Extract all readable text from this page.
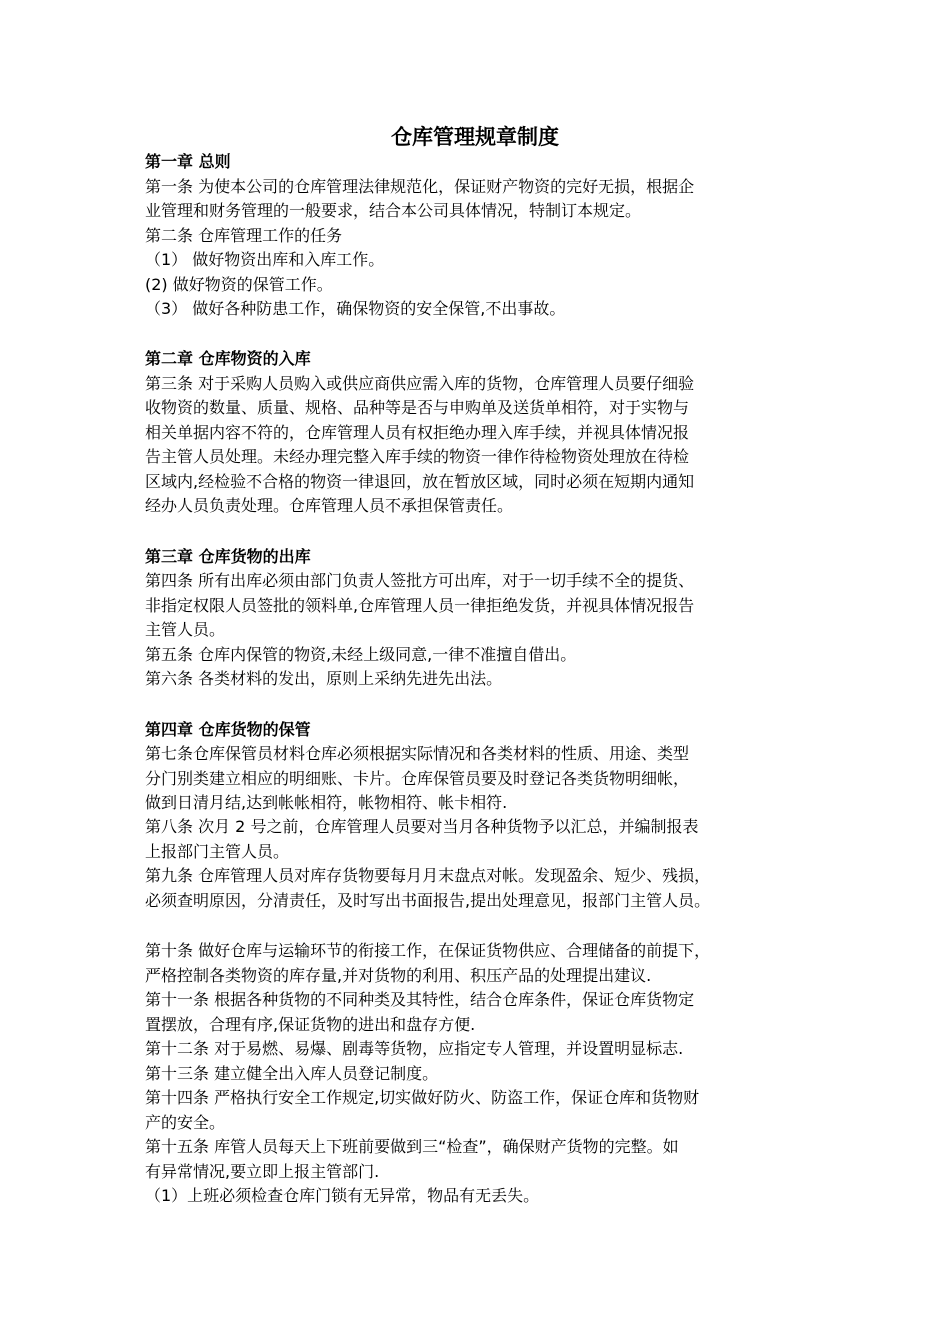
仓库管理规章制度
第一章 总则
第一条 为使本公司的仓库管理法律规范化，保证财产物资的完好无损，根据企
业管理和财务管理的一般要求，结合本公司具体情况，特制订本规定。
第二条 仓库管理工作的任务
（1） 做好物资出库和入库工作。
(2) 做好物资的保管工作。
（3） 做好各种防患工作，确保物资的安全保管,不出事故。
第二章 仓库物资的入库
第三条 对于采购人员购入或供应商供应需入库的货物，仓库管理人员要仔细验
收物资的数量、质量、规格、品种等是否与申购单及送货单相符，对于实物与
相关单据内容不符的，仓库管理人员有权拒绝办理入库手续，并视具体情况报
告主管人员处理。未经办理完整入库手续的物资一律作待检物资处理放在待检
区域内,经检验不合格的物资一律退回，放在暂放区域，同时必须在短期内通知
经办人员负责处理。仓库管理人员不承担保管责任。
第三章 仓库货物的出库
第四条 所有出库必须由部门负责人签批方可出库，对于一切手续不全的提货、
非指定权限人员签批的领料单,仓库管理人员一律拒绝发货，并视具体情况报告
主管人员。
第五条 仓库内保管的物资,未经上级同意,一律不准擅自借出。
第六条 各类材料的发出，原则上采纳先进先出法。
第四章 仓库货物的保管
第七条仓库保管员材料仓库必须根据实际情况和各类材料的性质、用途、类型
分门别类建立相应的明细账、卡片。仓库保管员要及时登记各类货物明细帐，
做到日清月结,达到帐帐相符，帐物相符、帐卡相符.
第八条 次月 2 号之前，仓库管理人员要对当月各种货物予以汇总，并编制报表
上报部门主管人员。
第九条 仓库管理人员对库存货物要每月月末盘点对帐。发现盈余、短少、残损，
必须查明原因，分清责任，及时写出书面报告,提出处理意见，报部门主管人员。
第十条 做好仓库与运输环节的衔接工作，在保证货物供应、合理储备的前提下，
严格控制各类物资的库存量,并对货物的利用、积压产品的处理提出建议.
第十一条 根据各种货物的不同种类及其特性，结合仓库条件，保证仓库货物定
置摆放，合理有序,保证货物的进出和盘存方便.
第十二条 对于易燃、易爆、剧毒等货物，应指定专人管理，并设置明显标志.
第十三条 建立健全出入库人员登记制度。
第十四条 严格执行安全工作规定,切实做好防火、防盗工作，保证仓库和货物财
产的安全。
第十五条 库管人员每天上下班前要做到三“检查”，确保财产货物的完整。如
有异常情况,要立即上报主管部门.
（1）上班必须检查仓库门锁有无异常，物品有无丢失。
